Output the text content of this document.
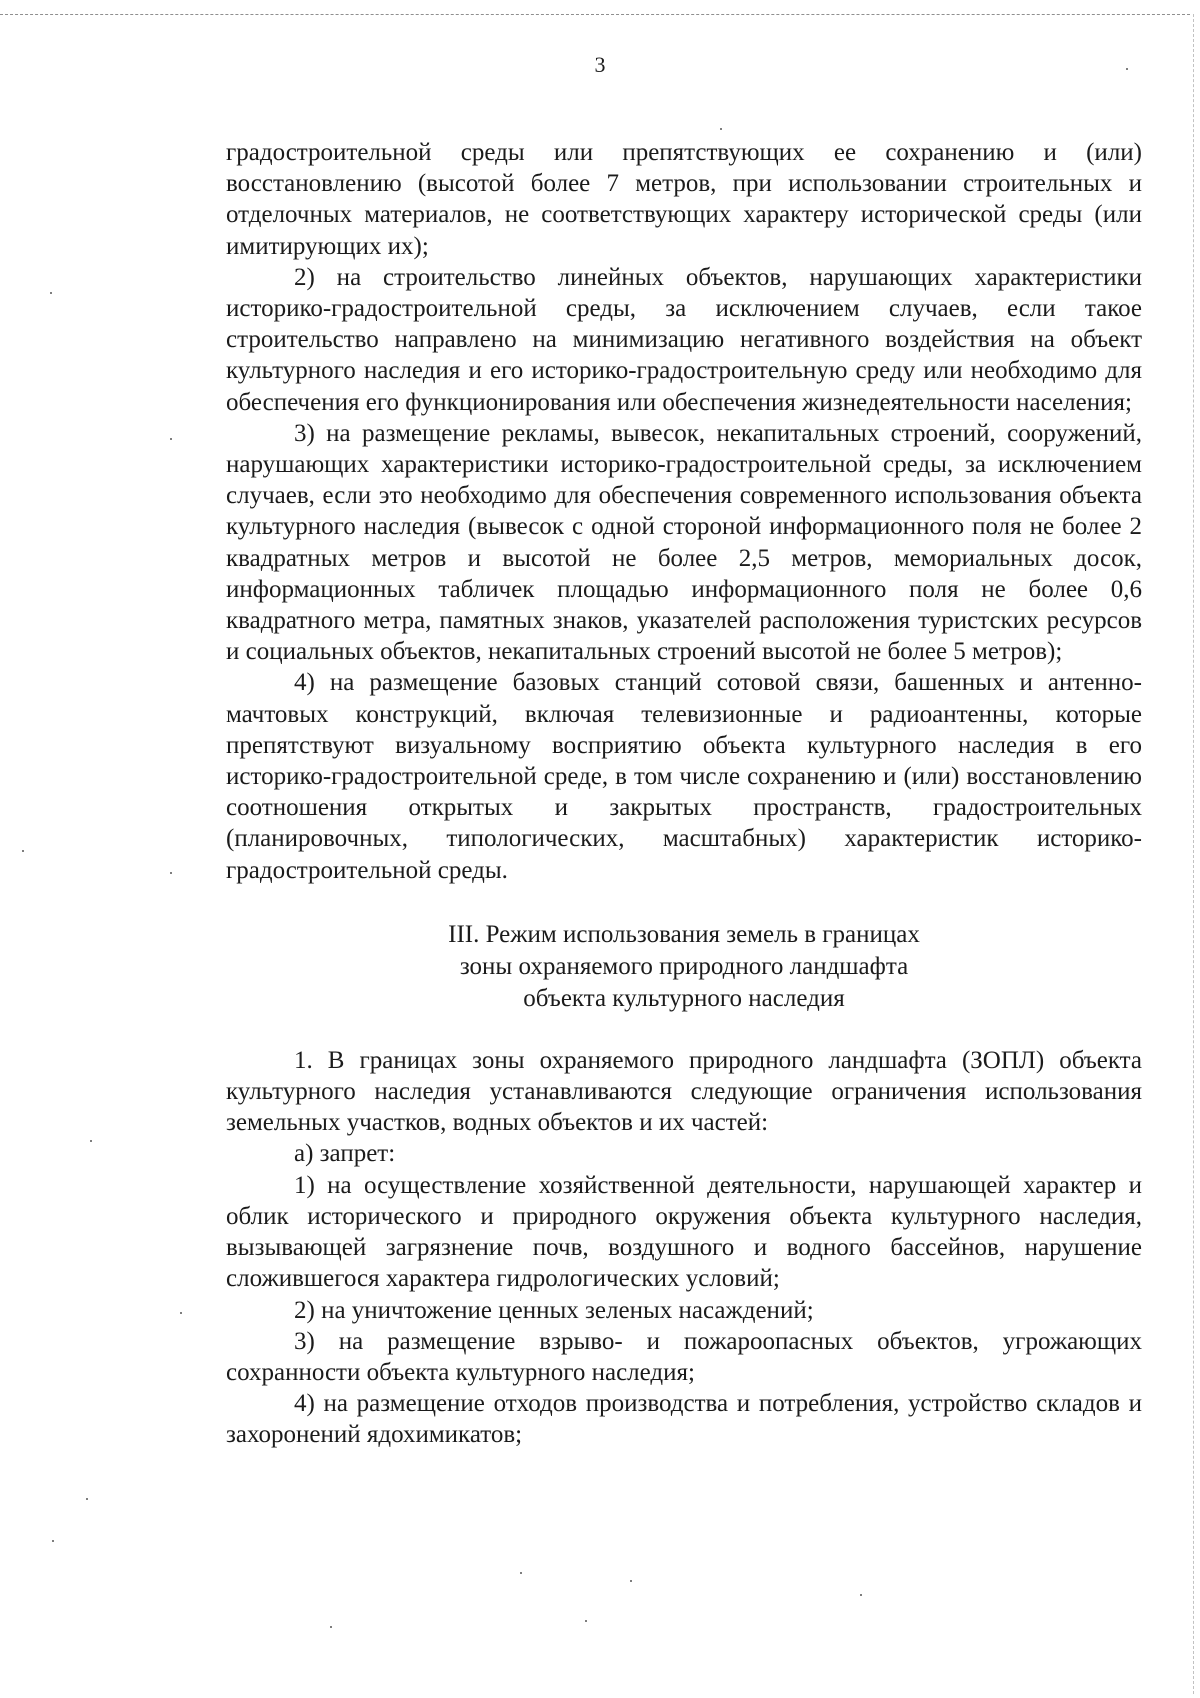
3

градостроительной среды или препятствующих ее сохранению и (или) восстановлению (высотой более 7 метров, при использовании строительных и отделочных материалов, не соответствующих характеру исторической среды (или имитирующих их);

2) на строительство линейных объектов, нарушающих характеристики историко-градостроительной среды, за исключением случаев, если такое строительство направлено на минимизацию негативного воздействия на объект культурного наследия и его историко-градостроительную среду или необходимо для обеспечения его функционирования или обеспечения жизнедеятельности населения;

3) на размещение рекламы, вывесок, некапитальных строений, сооружений, нарушающих характеристики историко-градостроительной среды, за исключением случаев, если это необходимо для обеспечения современного использования объекта культурного наследия (вывесок с одной стороной информационного поля не более 2 квадратных метров и высотой не более 2,5 метров, мемориальных досок, информационных табличек площадью информационного поля не более 0,6 квадратного метра, памятных знаков, указателей расположения туристских ресурсов и социальных объектов, некапитальных строений высотой не более 5 метров);

4) на размещение базовых станций сотовой связи, башенных и антенно-мачтовых конструкций, включая телевизионные и радиоантенны, которые препятствуют визуальному восприятию объекта культурного наследия в его историко-градостроительной среде, в том числе сохранению и (или) восстановлению соотношения открытых и закрытых пространств, градостроительных (планировочных, типологических, масштабных) характеристик историко-градостроительной среды.

III. Режим использования земель в границах
зоны охраняемого природного ландшафта
объекта культурного наследия

1. В границах зоны охраняемого природного ландшафта (ЗОПЛ) объекта культурного наследия устанавливаются следующие ограничения использования земельных участков, водных объектов и их частей:

а) запрет:

1) на осуществление хозяйственной деятельности, нарушающей характер и облик исторического и природного окружения объекта культурного наследия, вызывающей загрязнение почв, воздушного и водного бассейнов, нарушение сложившегося характера гидрологических условий;

2) на уничтожение ценных зеленых насаждений;

3) на размещение взрыво- и пожароопасных объектов, угрожающих сохранности объекта культурного наследия;

4) на размещение отходов производства и потребления, устройство складов и захоронений ядохимикатов;
